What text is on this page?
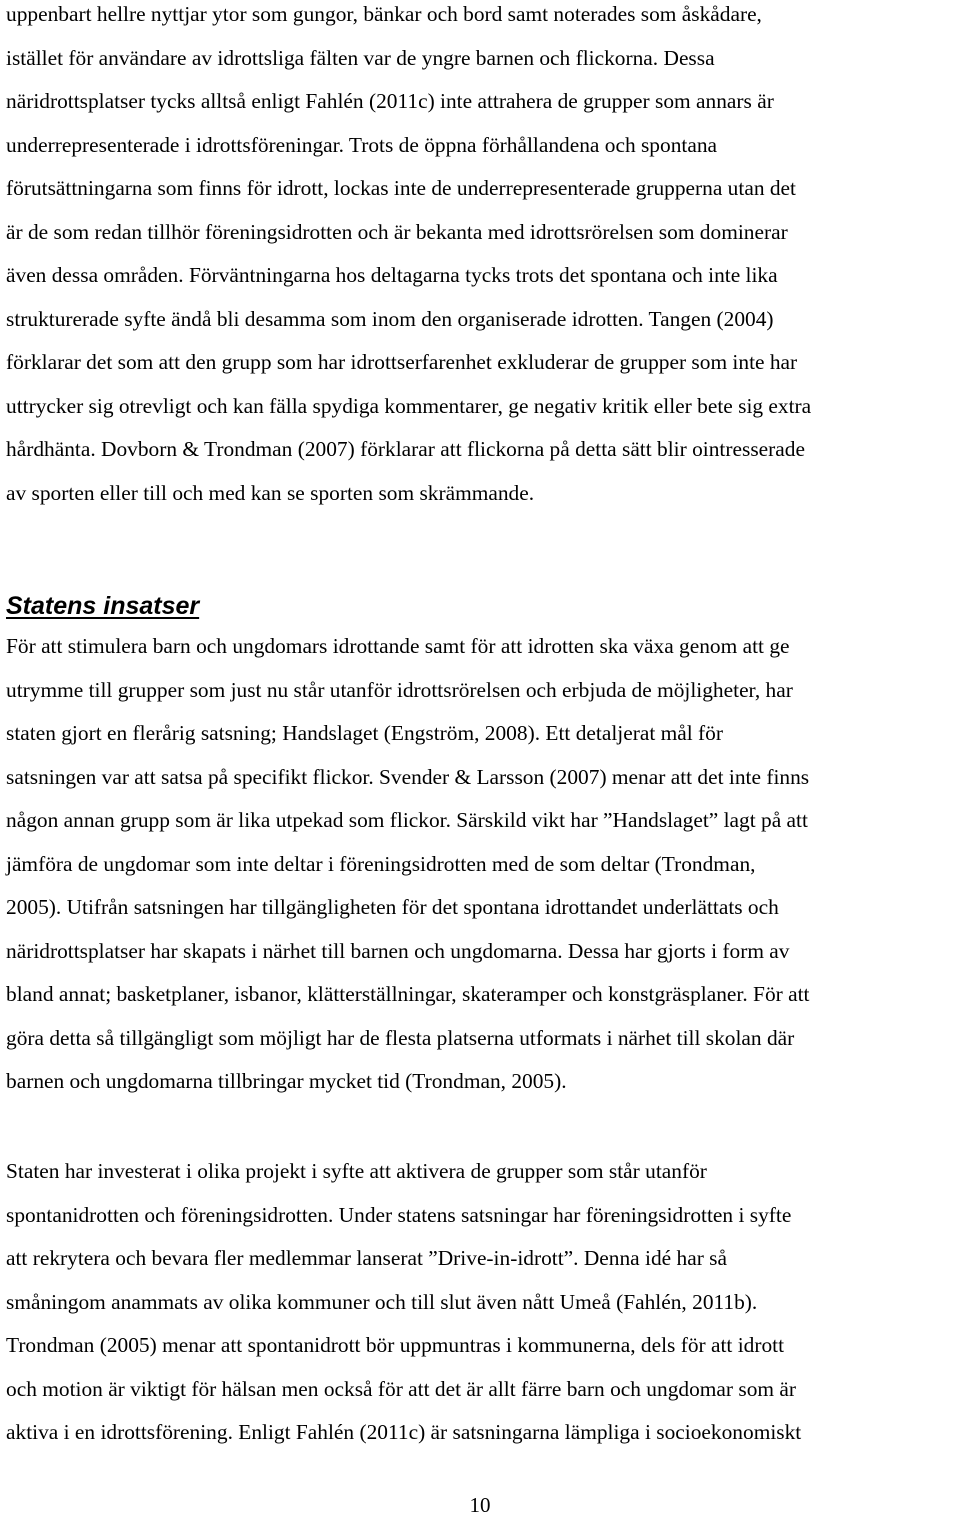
uppenbart hellre nyttjar ytor som gungor, bänkar och bord samt noterades som åskådare,
istället för användare av idrottsliga fälten var de yngre barnen och flickorna. Dessa
näridrottsplatser tycks alltså enligt Fahlén (2011c) inte attrahera de grupper som annars är
underrepresenterade i idrottsföreningar. Trots de öppna förhållandena och spontana
förutsättningarna som finns för idrott, lockas inte de underrepresenterade grupperna utan det
är de som redan tillhör föreningsidrotten och är bekanta med idrottsrörelsen som dominerar
även dessa områden. Förväntningarna hos deltagarna tycks trots det spontana och inte lika
strukturerade syfte ändå bli desamma som inom den organiserade idrotten. Tangen (2004)
förklarar det som att den grupp som har idrottserfarenhet exkluderar de grupper som inte har
uttrycker sig otrevligt och kan fälla spydiga kommentarer, ge negativ kritik eller bete sig extra
hårdhänta. Dovborn & Trondman (2007) förklarar att flickorna på detta sätt blir ointresserade
av sporten eller till och med kan se sporten som skrämmande.
Statens insatser
För att stimulera barn och ungdomars idrottande samt för att idrotten ska växa genom att ge
utrymme till grupper som just nu står utanför idrottsrörelsen och erbjuda de möjligheter, har
staten gjort en flerårig satsning; Handslaget (Engström, 2008). Ett detaljerat mål för
satsningen var att satsa på specifikt flickor. Svender & Larsson (2007) menar att det inte finns
någon annan grupp som är lika utpekad som flickor. Särskild vikt har ”Handslaget” lagt på att
jämföra de ungdomar som inte deltar i föreningsidrotten med de som deltar (Trondman,
2005). Utifrån satsningen har tillgängligheten för det spontana idrottandet underlättats och
näridrottsplatser har skapats i närhet till barnen och ungdomarna. Dessa har gjorts i form av
bland annat; basketplaner, isbanor, klätterställningar, skateramper och konstgräsplaner. För att
göra detta så tillgängligt som möjligt har de flesta platserna utformats i närhet till skolan där
barnen och ungdomarna tillbringar mycket tid (Trondman, 2005).
Staten har investerat i olika projekt i syfte att aktivera de grupper som står utanför
spontanidrotten och föreningsidrotten. Under statens satsningar har föreningsidrotten i syfte
att rekrytera och bevara fler medlemmar lanserat ”Drive-in-idrott”. Denna idé har så
småningom anammats av olika kommuner och till slut även nått Umeå (Fahlén, 2011b).
Trondman (2005) menar att spontanidrott bör uppmuntras i kommunerna, dels för att idrott
och motion är viktigt för hälsan men också för att det är allt färre barn och ungdomar som är
aktiva i en idrottsförening. Enligt Fahlén (2011c) är satsningarna lämpliga i socioekonomiskt
10
